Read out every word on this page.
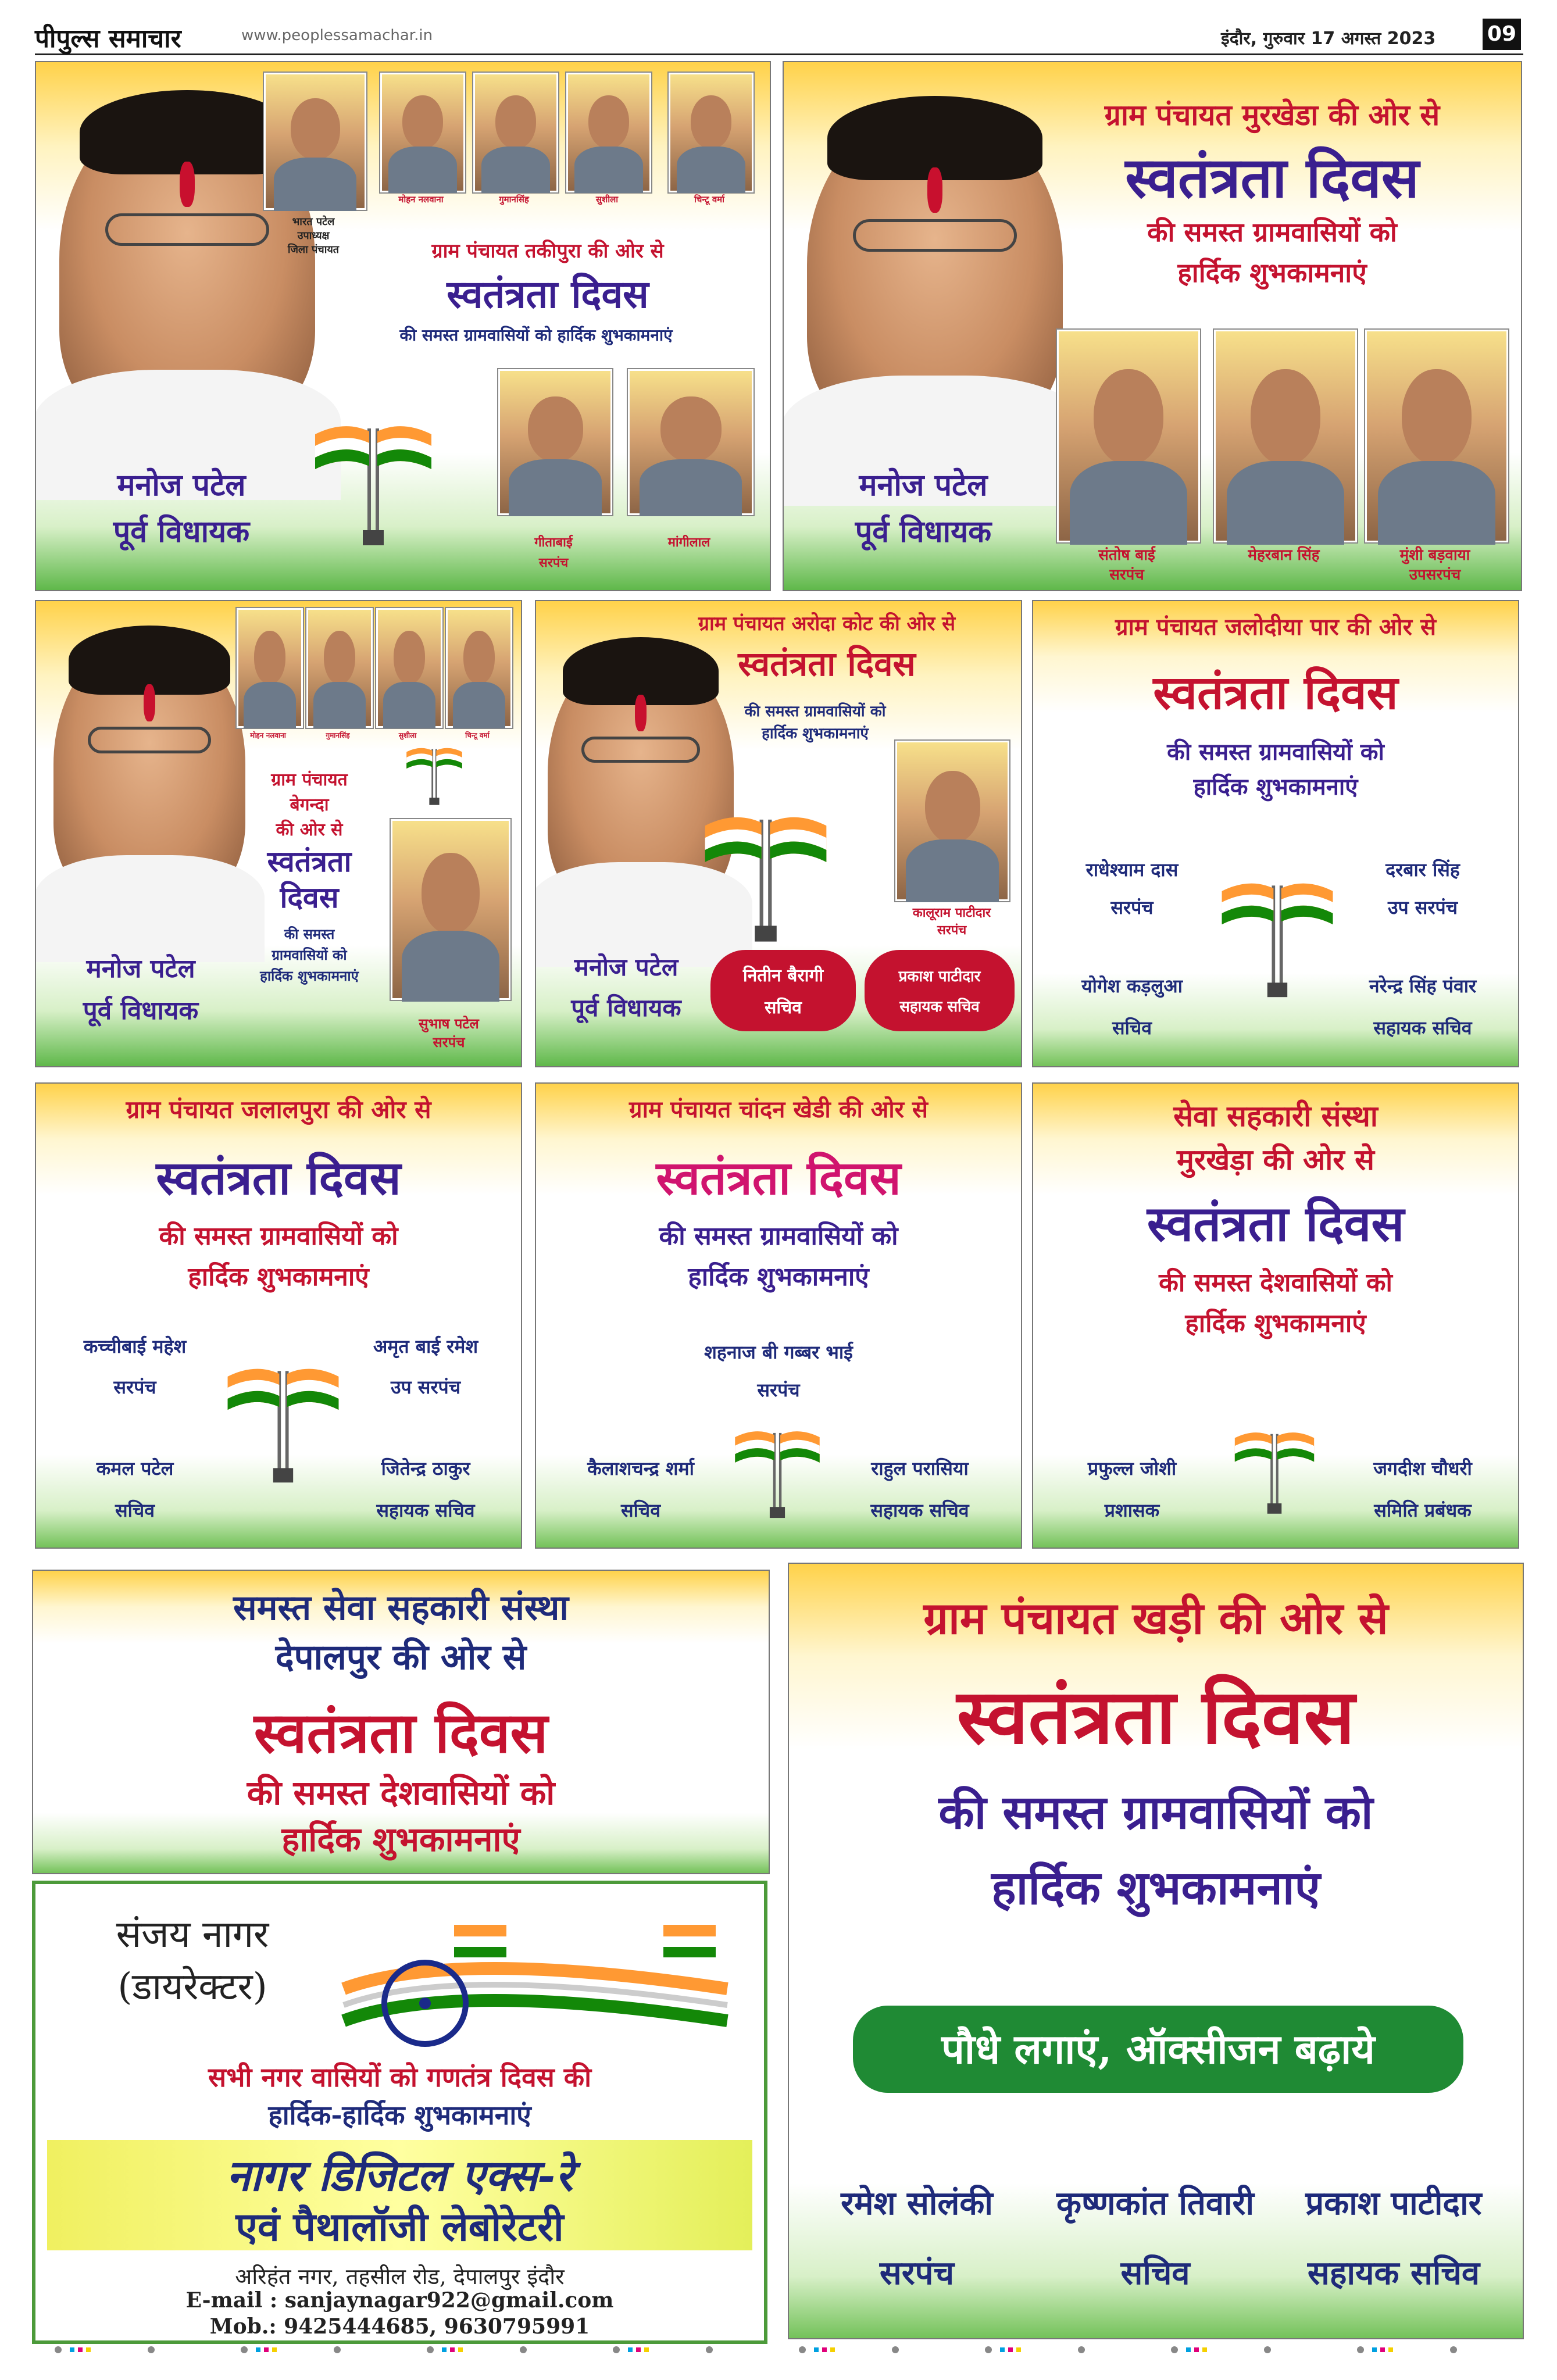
पीपुल्स समाचार	www.peoplessamachar.in	इंदौर, गुरुवार 17 अगस्त 2023 09
भारत पटेल
उपाध्यक्ष
जिला पंचायत
मोहन नलवाना	गुमानसिंह	सुशीला	चिन्टू वर्मा
ग्राम पंचायत तकीपुरा की ओर से
स्वतंत्रता दिवस
की समस्त ग्रामवासियों को हार्दिक शुभकामनाएं
गीताबाई
सरपंच
मांगीलाल
मनोज पटेल
पूर्व विधायक
ग्राम पंचायत मुरखेडा की ओर से
स्वतंत्रता दिवस
की समस्त ग्रामवासियों को
हार्दिक शुभकामनाएं
संतोष बाई
सरपंच
मेहरबान सिंह	मुंशी बड़वाया
उपसरपंच
मनोज पटेल
पूर्व विधायक
मोहन नलवाना	गुमानसिंह	सुशीला	चिन्टू वर्मा
ग्राम पंचायत
बेगन्दा
की ओर से
स्वतंत्रता
दिवस
की समस्त
ग्रामवासियों को
हार्दिक शुभकामनाएं
सुभाष पटेल
सरपंच
मनोज पटेल
पूर्व विधायक
ग्राम पंचायत अरोदा कोट की ओर से
स्वतंत्रता दिवस
की समस्त ग्रामवासियों को
हार्दिक शुभकामनाएं
कालूराम पाटीदार
सरपंच
नितीन बैरागी
सचिव
प्रकाश पाटीदार
सहायक सचिव
मनोज पटेल
पूर्व विधायक
ग्राम पंचायत जलोदीया पार की ओर से
स्वतंत्रता दिवस
की समस्त ग्रामवासियों को
हार्दिक शुभकामनाएं
राधेश्याम दास
सरपंच
दरबार सिंह
उप सरपंच
योगेश कड़लुआ
सचिव
नरेन्द्र सिंह पंवार
सहायक सचिव
ग्राम पंचायत जलालपुरा की ओर से
स्वतंत्रता दिवस
की समस्त ग्रामवासियों को
हार्दिक शुभकामनाएं
कच्चीबाई महेश
सरपंच
अमृत बाई रमेश
उप सरपंच
कमल पटेल
सचिव
जितेन्द्र ठाकुर
सहायक सचिव
ग्राम पंचायत चांदन खेडी की ओर से
स्वतंत्रता दिवस
की समस्त ग्रामवासियों को
हार्दिक शुभकामनाएं
शहनाज बी गब्बर भाई
सरपंच
कैलाशचन्द्र शर्मा
सचिव
राहुल परासिया
सहायक सचिव
सेवा सहकारी संस्था
मुरखेड़ा की ओर से
स्वतंत्रता दिवस
की समस्त देशवासियों को
हार्दिक शुभकामनाएं
प्रफुल्ल जोशी
प्रशासक
जगदीश चौधरी
समिति प्रबंधक
समस्त सेवा सहकारी संस्था
देपालपुर की ओर से
स्वतंत्रता दिवस
की समस्त देशवासियों को
हार्दिक शुभकामनाएं
ग्राम पंचायत खड़ी की ओर से
स्वतंत्रता दिवस
की समस्त ग्रामवासियों को
हार्दिक शुभकामनाएं
पौधे लगाएं, ऑक्सीजन बढ़ाये
रमेश सोलंकी
सरपंच
कृष्णकांत तिवारी
सचिव
प्रकाश पाटीदार
सहायक सचिव
संजय नागर
(डायरेक्टर)
सभी नगर वासियों को गणतंत्र दिवस की
हार्दिक-हार्दिक शुभकामनाएं
नागर डिजिटल एक्स-रे
एवं पैथालॉजी लेबोरेटरी
अरिहंत नगर, तहसील रोड, देपालपुर इंदौर
E-mail : sanjaynagar922@gmail.com
Mob.: 9425444685, 9630795991
